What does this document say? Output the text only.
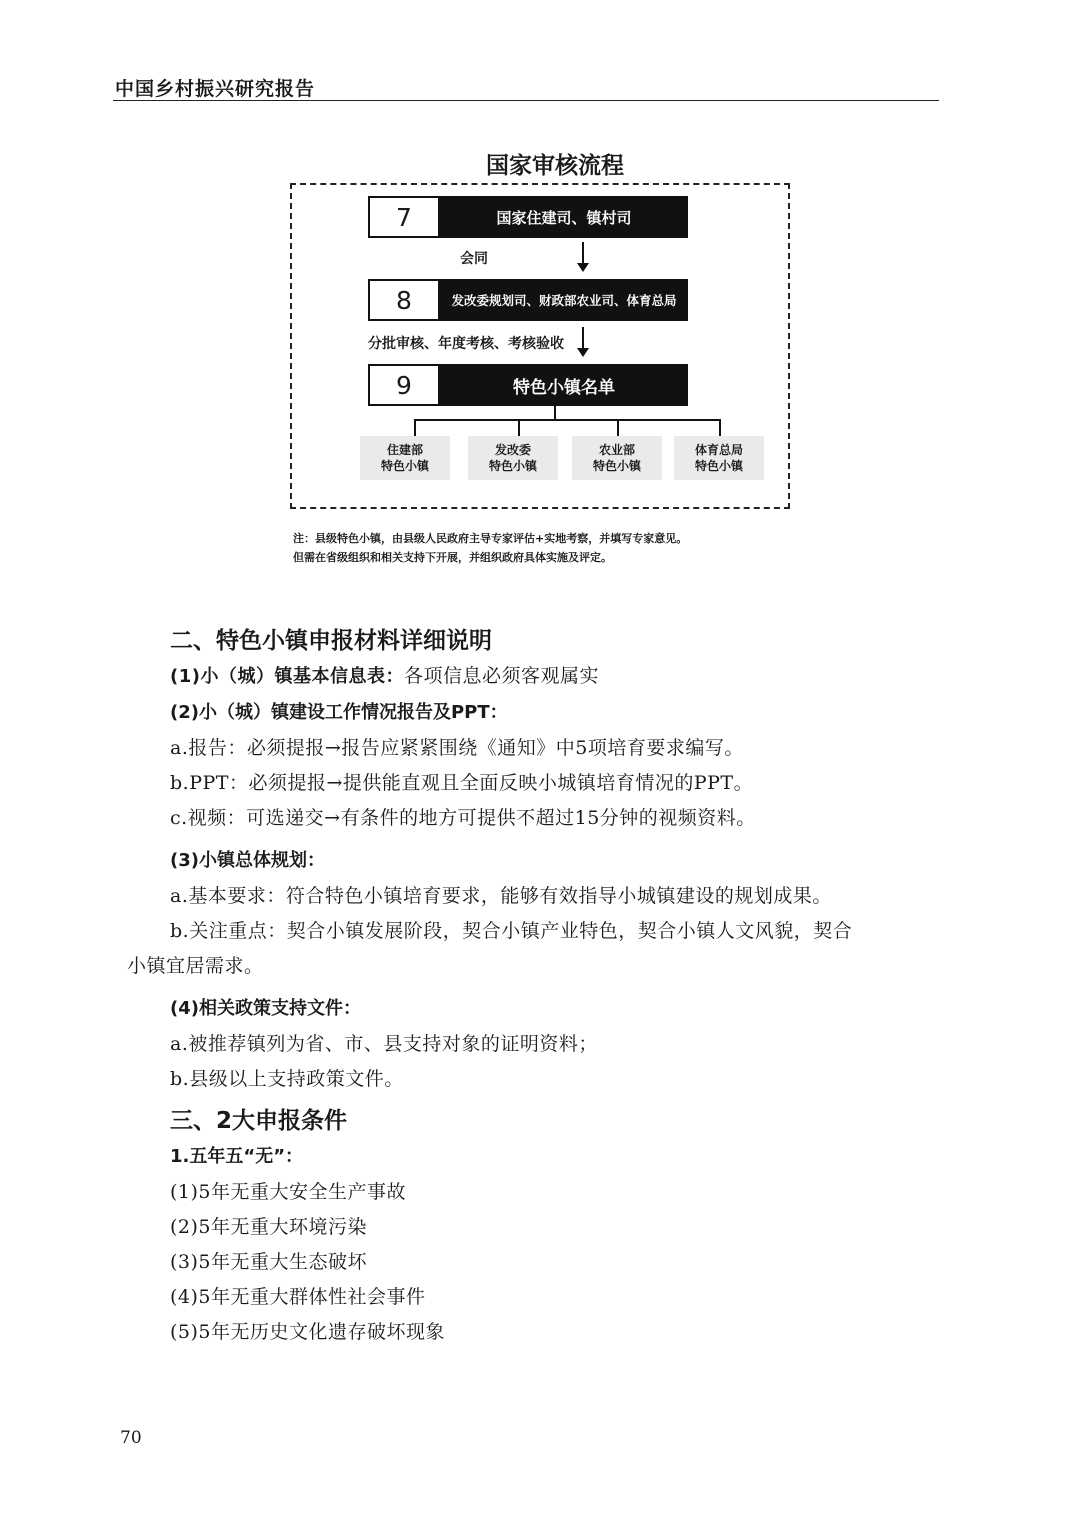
中国乡村振兴研究报告
国家审核流程
7	国家住建司、镇村司
会同
8	发改委规划司、财政部农业司、体育总局
分批审核、年度考核、考核验收
9	特色小镇名单
住建部
特色小镇
发改委
特色小镇
农业部
特色小镇
体育总局
特色小镇
注：县级特色小镇，由县级人民政府主导专家评估+实地考察，并填写专家意见。
但需在省级组织和相关支持下开展，并组织政府具体实施及评定。
二、特色小镇申报材料详细说明
(1)小（城）镇基本信息表：各项信息必须客观属实
(2)小（城）镇建设工作情况报告及PPT：
a.报告：必须提报→报告应紧紧围绕《通知》中5项培育要求编写。
b.PPT：必须提报→提供能直观且全面反映小城镇培育情况的PPT。
c.视频：可选递交→有条件的地方可提供不超过15分钟的视频资料。
(3)小镇总体规划：
a.基本要求：符合特色小镇培育要求，能够有效指导小城镇建设的规划成果。
b.关注重点：契合小镇发展阶段，契合小镇产业特色，契合小镇人文风貌，契合
小镇宜居需求。
(4)相关政策支持文件：
a.被推荐镇列为省、市、县支持对象的证明资料；
b.县级以上支持政策文件。
三、2大申报条件
1.五年五“无”：
(1)5年无重大安全生产事故
(2)5年无重大环境污染
(3)5年无重大生态破坏
(4)5年无重大群体性社会事件
(5)5年无历史文化遗存破坏现象
70
